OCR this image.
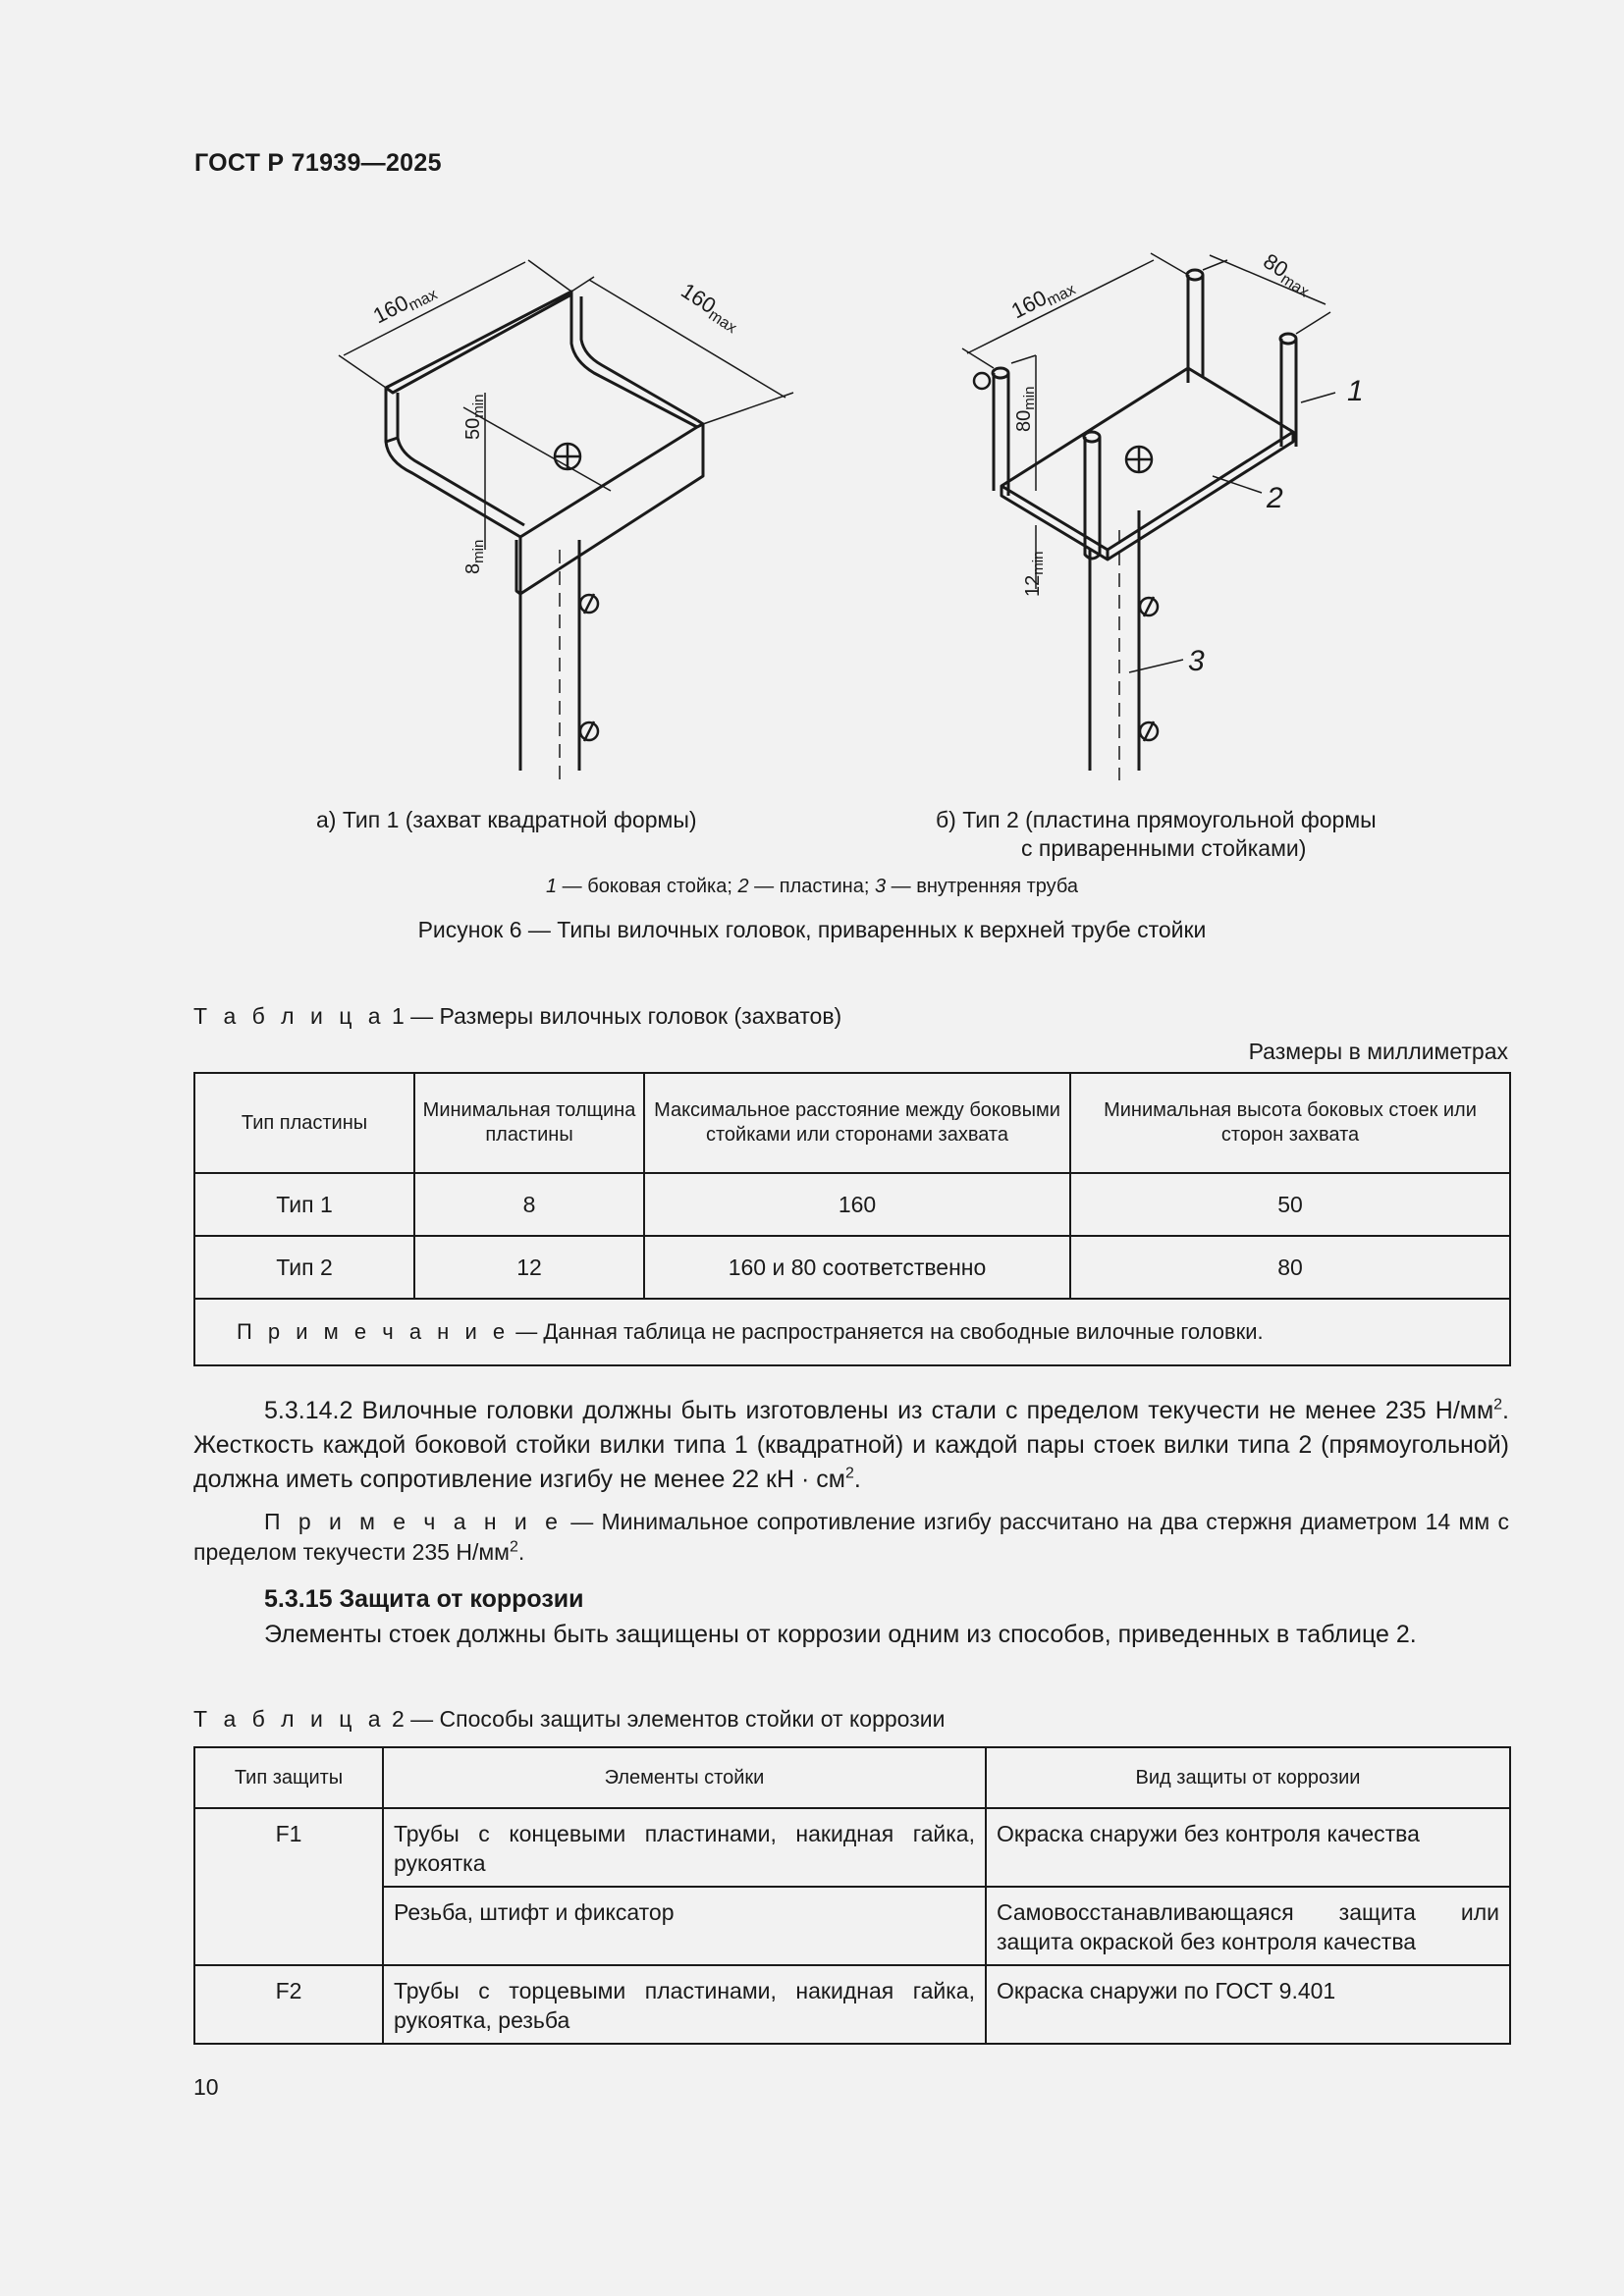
ГОСТ Р 71939—2025
160max	160max
$50_{min}$
$8_{min}$
160max
80max
$80_{min}$
$12_{min}$
1
2
3
а) Тип 1 (захват квадратной формы)	б) Тип 2 (пластина прямоугольной формы
с приваренными стойками)
1 — боковая стойка; 2 — пластина; 3 — внутренняя труба
Рисунок 6 — Типы вилочных головок, приваренных к верхней трубе стойки
Т а б л и ц а 1 — Размеры вилочных головок (захватов)
Размеры в миллиметрах
Тип пластины	Минимальная толщина пластины	Максимальное расстояние между боковыми стойками или сторонами захвата	Минимальная высота боковых стоек или сторон захвата
Тип 1	8	160	50
Тип 2	12	160 и 80 соответственно	80
П р и м е ч а н и е — Данная таблица не распространяется на свободные вилочные головки.			
5.3.14.2 Вилочные головки должны быть изготовлены из стали с пределом текучести не менее 235 $Н/мм^2$. Жесткость каждой боковой стойки вилки типа 1 (квадратной) и каждой пары стоек вилки типа 2 (прямоугольной) должна иметь сопротивление изгибу не менее 22 кН · $см^2$.
П р и м е ч а н и е — Минимальное сопротивление изгибу рассчитано на два стержня диаметром 14 мм с пределом текучести 235 $Н/мм^2$.
5.3.15 Защита от коррозии
Элементы стоек должны быть защищены от коррозии одним из способов, приведенных в таблице 2.
Т а б л и ц а 2 — Способы защиты элементов стойки от коррозии
Тип защиты	Элементы стойки	Вид защиты от коррозии
F1	Трубы с концевыми пластинами, накидная гайка, рукоятка	Окраска снаружи без контроля качества
	Резьба, штифт и фиксатор	Самовосстанавливающаяся защита или защита окраской без контроля качества
F2	Трубы с торцевыми пластинами, накидная гайка, рукоятка, резьба	Окраска снаружи по ГОСТ 9.401
10
